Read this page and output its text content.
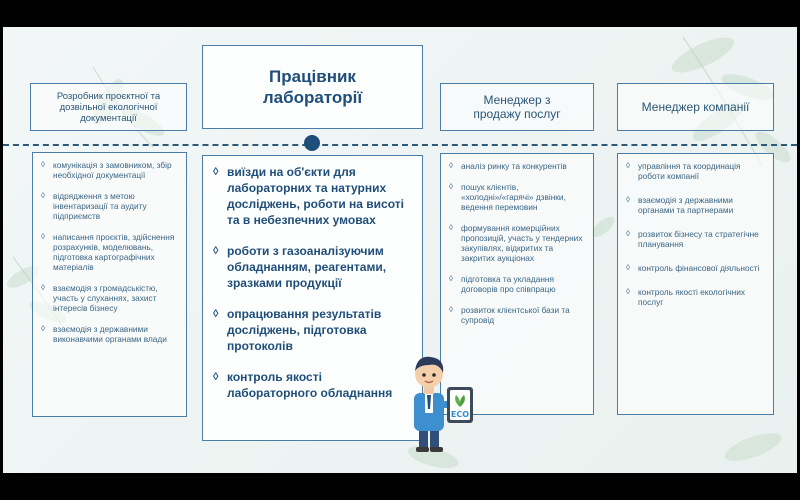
Розробник проєктної та
дозвільної екологічної
документації
Працівник
лабораторії	Менеджер з
продажу послуг	Менеджер компанії
◊ комунікація з замовником, збір необхідної документації
◊ відрядження з метою інвентаризації та аудиту підприємств
◊ написання проєктів, здійснення розрахунків, моделювань, підготовка картографічних матеріалів
◊ взаємодія з громадськістю, участь у слуханнях, захист інтересів бізнесу
◊ взаємодія з державними виконавчими органами влади
◊ виїзди на об'єкти для лабораторних та натурних досліджень, роботи на висоті та в небезпечних умовах
◊ роботи з газоаналізуючим обладнанням, реагентами, зразками продукції
◊ опрацювання результатів досліджень, підготовка протоколів
◊ контроль якості лабораторного обладнання
◊ аналіз ринку та конкурентів
◊ пошук клієнтів, «холодні»/«гарячі» дзвінки, ведення перемовин
◊ формування комерційних пропозицій, участь у тендерних закупівлях, відкритих та закритих аукціонах
◊ підготовка та укладання договорів про співпрацю
◊ розвиток клієнтської бази та супровід
◊ управління та координація роботи компанії
◊ взаємодія з державними органами та партнерами
◊ розвиток бізнесу та стратегічне планування
◊ контроль фінансової діяльності
◊ контроль якості екологічних послуг
ECO
